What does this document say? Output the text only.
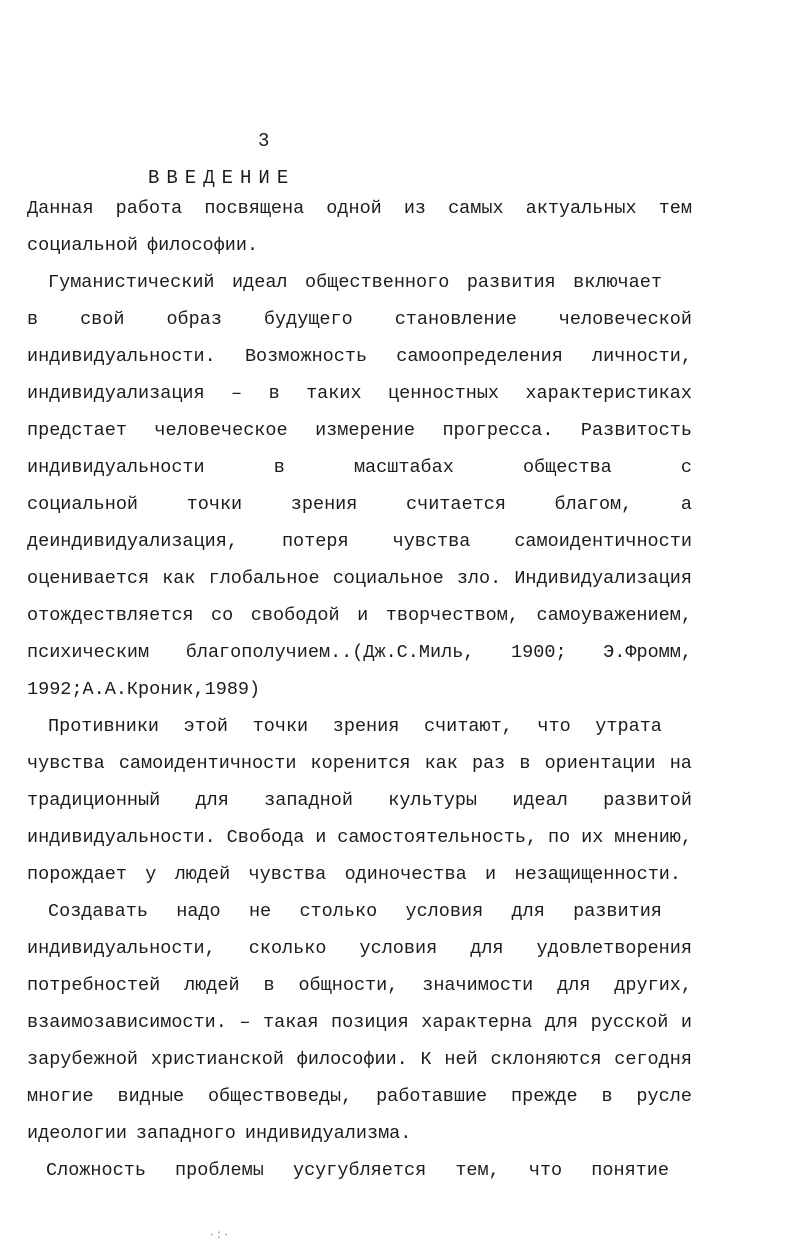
3
ВВЕДЕНИЕ
Данная работа посвящена одной из самых актуальных тем
социальной философии.
Гуманистический идеал общественного развития включает
в свой образ будущего становление человеческой
индивидуальности. Возможность самоопределения личности,
индивидуализация – в таких ценностных характеристиках
предстает человеческое измерение прогресса. Развитость
индивидуальности	в	масштабах	общества	с
социальной	точки	зрения	считается	благом,	а
деиндивидуализация, потеря чувства самоидентичности
оценивается как глобальное социальное зло. Индивидуализация
отождествляется со свободой и творчеством, самоуважением,
психическим благополучием..(Дж.С.Миль, 1900; Э.Фромм,
1992;А.А.Кроник,1989)
Противники этой точки зрения считают, что утрата
чувства самоидентичности коренится как раз в ориентации на
традиционный для западной культуры идеал развитой
индивидуальности. Свобода и самостоятельность, по их мнению,
порождает у людей чувства одиночества и незащищенности.
Создавать надо не столько условия для развития
индивидуальности, сколько условия для удовлетворения
потребностей людей в общности, значимости для других,
взаимозависимости. – такая позиция характерна для русской и
зарубежной христианской философии. К ней склоняются сегодня
многие видные обществоведы, работавшие прежде в русле
идеологии западного индивидуализма.
Сложность проблемы усугубляется тем, что понятие
·:·
